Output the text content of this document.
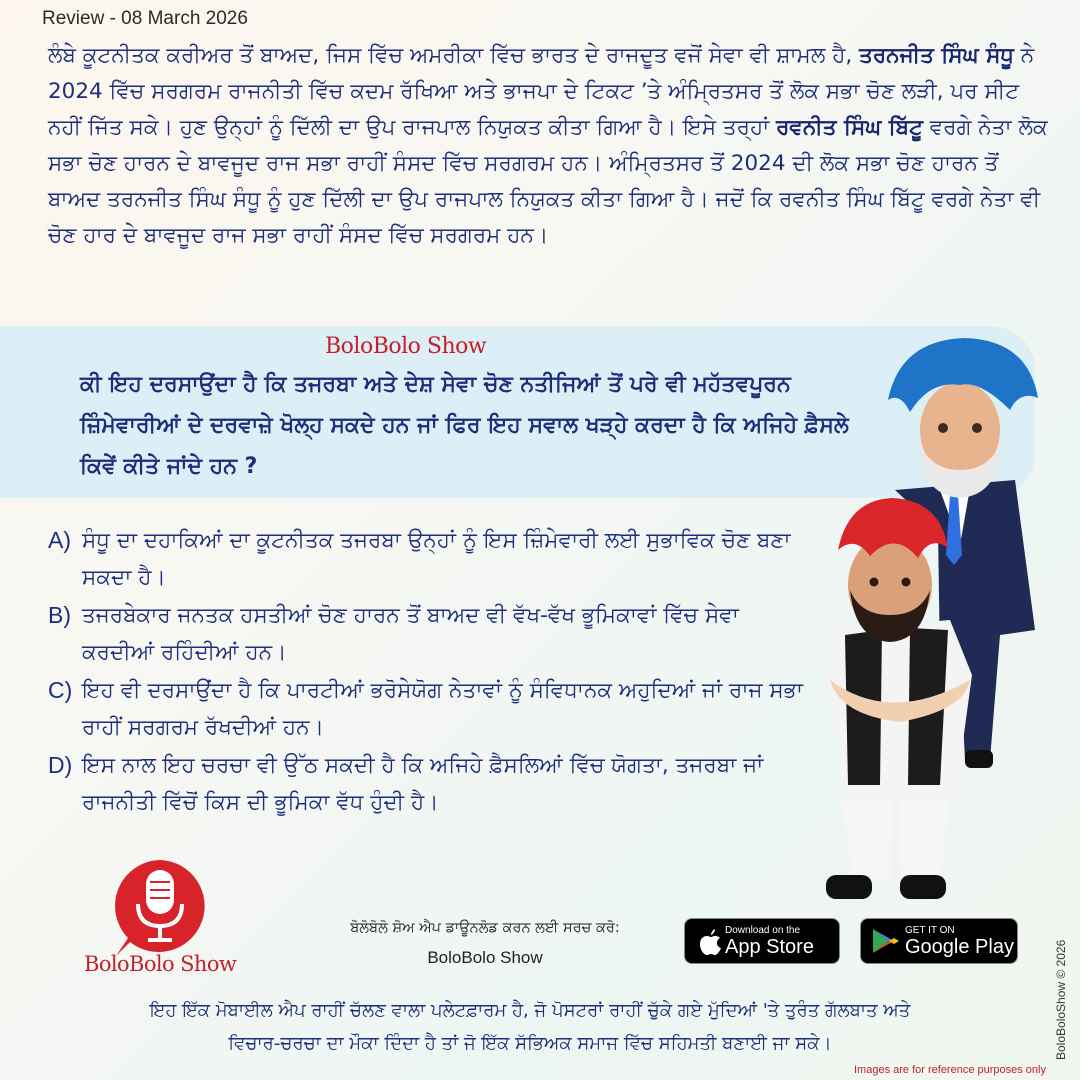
Review - 08 March 2026
ਲੰਬੇ ਕੂਟਨੀਤਕ ਕਰੀਅਰ ਤੋਂ ਬਾਅਦ, ਜਿਸ ਵਿੱਚ ਅਮਰੀਕਾ ਵਿੱਚ ਭਾਰਤ ਦੇ ਰਾਜਦੂਤ ਵਜੋਂ ਸੇਵਾ ਵੀ ਸ਼ਾਮਲ ਹੈ, ਤਰਨਜੀਤ ਸਿੰਘ ਸੰਧੂ ਨੇ 2024 ਵਿੱਚ ਸਰਗਰਮ ਰਾਜਨੀਤੀ ਵਿੱਚ ਕਦਮ ਰੱਖਿਆ ਅਤੇ ਭਾਜਪਾ ਦੇ ਟਿਕਟ ’ਤੇ ਅੰਮ੍ਰਿਤਸਰ ਤੋਂ ਲੋਕ ਸਭਾ ਚੋਣ ਲੜੀ, ਪਰ ਸੀਟ ਨਹੀਂ ਜਿੱਤ ਸਕੇ। ਹੁਣ ਉਨ੍ਹਾਂ ਨੂੰ ਦਿੱਲੀ ਦਾ ਉਪ ਰਾਜਪਾਲ ਨਿਯੁਕਤ ਕੀਤਾ ਗਿਆ ਹੈ। ਇਸੇ ਤਰ੍ਹਾਂ ਰਵਨੀਤ ਸਿੰਘ ਬਿੱਟੂ ਵਰਗੇ ਨੇਤਾ ਲੋਕ ਸਭਾ ਚੋਣ ਹਾਰਨ ਦੇ ਬਾਵਜੂਦ ਰਾਜ ਸਭਾ ਰਾਹੀਂ ਸੰਸਦ ਵਿੱਚ ਸਰਗਰਮ ਹਨ। ਅੰਮ੍ਰਿਤਸਰ ਤੋਂ 2024 ਦੀ ਲੋਕ ਸਭਾ ਚੋਣ ਹਾਰਨ ਤੋਂ ਬਾਅਦ ਤਰਨਜੀਤ ਸਿੰਘ ਸੰਧੂ ਨੂੰ ਹੁਣ ਦਿੱਲੀ ਦਾ ਉਪ ਰਾਜਪਾਲ ਨਿਯੁਕਤ ਕੀਤਾ ਗਿਆ ਹੈ। ਜਦੋਂ ਕਿ ਰਵਨੀਤ ਸਿੰਘ ਬਿੱਟੂ ਵਰਗੇ ਨੇਤਾ ਵੀ ਚੋਣ ਹਾਰ ਦੇ ਬਾਵਜੂਦ ਰਾਜ ਸਭਾ ਰਾਹੀਂ ਸੰਸਦ ਵਿੱਚ ਸਰਗਰਮ ਹਨ।
BoloBolo Show
ਕੀ ਇਹ ਦਰਸਾਉਂਦਾ ਹੈ ਕਿ ਤਜਰਬਾ ਅਤੇ ਦੇਸ਼ ਸੇਵਾ ਚੋਣ ਨਤੀਜਿਆਂ ਤੋਂ ਪਰੇ ਵੀ ਮਹੱਤਵਪੂਰਨ ਜ਼ਿੰਮੇਵਾਰੀਆਂ ਦੇ ਦਰਵਾਜ਼ੇ ਖੋਲ੍ਹ ਸਕਦੇ ਹਨ ਜਾਂ ਫਿਰ ਇਹ ਸਵਾਲ ਖੜ੍ਹੇ ਕਰਦਾ ਹੈ ਕਿ ਅਜਿਹੇ ਫ਼ੈਸਲੇ ਕਿਵੇਂ ਕੀਤੇ ਜਾਂਦੇ ਹਨ ?
A) ਸੰਧੂ ਦਾ ਦਹਾਕਿਆਂ ਦਾ ਕੂਟਨੀਤਕ ਤਜਰਬਾ ਉਨ੍ਹਾਂ ਨੂੰ ਇਸ ਜ਼ਿੰਮੇਵਾਰੀ ਲਈ ਸੁਭਾਵਿਕ ਚੋਣ ਬਣਾ ਸਕਦਾ ਹੈ।
B) ਤਜਰਬੇਕਾਰ ਜਨਤਕ ਹਸਤੀਆਂ ਚੋਣ ਹਾਰਨ ਤੋਂ ਬਾਅਦ ਵੀ ਵੱਖ-ਵੱਖ ਭੂਮਿਕਾਵਾਂ ਵਿੱਚ ਸੇਵਾ ਕਰਦੀਆਂ ਰਹਿੰਦੀਆਂ ਹਨ।
C) ਇਹ ਵੀ ਦਰਸਾਉਂਦਾ ਹੈ ਕਿ ਪਾਰਟੀਆਂ ਭਰੋਸੇਯੋਗ ਨੇਤਾਵਾਂ ਨੂੰ ਸੰਵਿਧਾਨਕ ਅਹੁਦਿਆਂ ਜਾਂ ਰਾਜ ਸਭਾ ਰਾਹੀਂ ਸਰਗਰਮ ਰੱਖਦੀਆਂ ਹਨ।
D) ਇਸ ਨਾਲ ਇਹ ਚਰਚਾ ਵੀ ਉੱਠ ਸਕਦੀ ਹੈ ਕਿ ਅਜਿਹੇ ਫ਼ੈਸਲਿਆਂ ਵਿੱਚ ਯੋਗਤਾ, ਤਜਰਬਾ ਜਾਂ ਰਾਜਨੀਤੀ ਵਿੱਚੋਂ ਕਿਸ ਦੀ ਭੂਮਿਕਾ ਵੱਧ ਹੁੰਦੀ ਹੈ।
BoloBolo Show
ਬੋਲੋਬੋਲੋ ਸ਼ੋਅ ਐਪ ਡਾਊਨਲੋਡ ਕਰਨ ਲਈ ਸਰਚ ਕਰੋ:
BoloBolo Show
Download on the
App Store
GET IT ON
Google Play
ਇਹ ਇੱਕ ਮੋਬਾਈਲ ਐਪ ਰਾਹੀਂ ਚੱਲਣ ਵਾਲਾ ਪਲੇਟਫ਼ਾਰਮ ਹੈ, ਜੋ ਪੋਸਟਰਾਂ ਰਾਹੀਂ ਚੁੱਕੇ ਗਏ ਮੁੱਦਿਆਂ 'ਤੇ ਤੁਰੰਤ ਗੱਲਬਾਤ ਅਤੇ
ਵਿਚਾਰ-ਚਰਚਾ ਦਾ ਮੌਕਾ ਦਿੰਦਾ ਹੈ ਤਾਂ ਜੋ ਇੱਕ ਸੱਭਿਅਕ ਸਮਾਜ ਵਿੱਚ ਸਹਿਮਤੀ ਬਣਾਈ ਜਾ ਸਕੇ।	BoloBoloShow © 2026
Images are for reference purposes only
